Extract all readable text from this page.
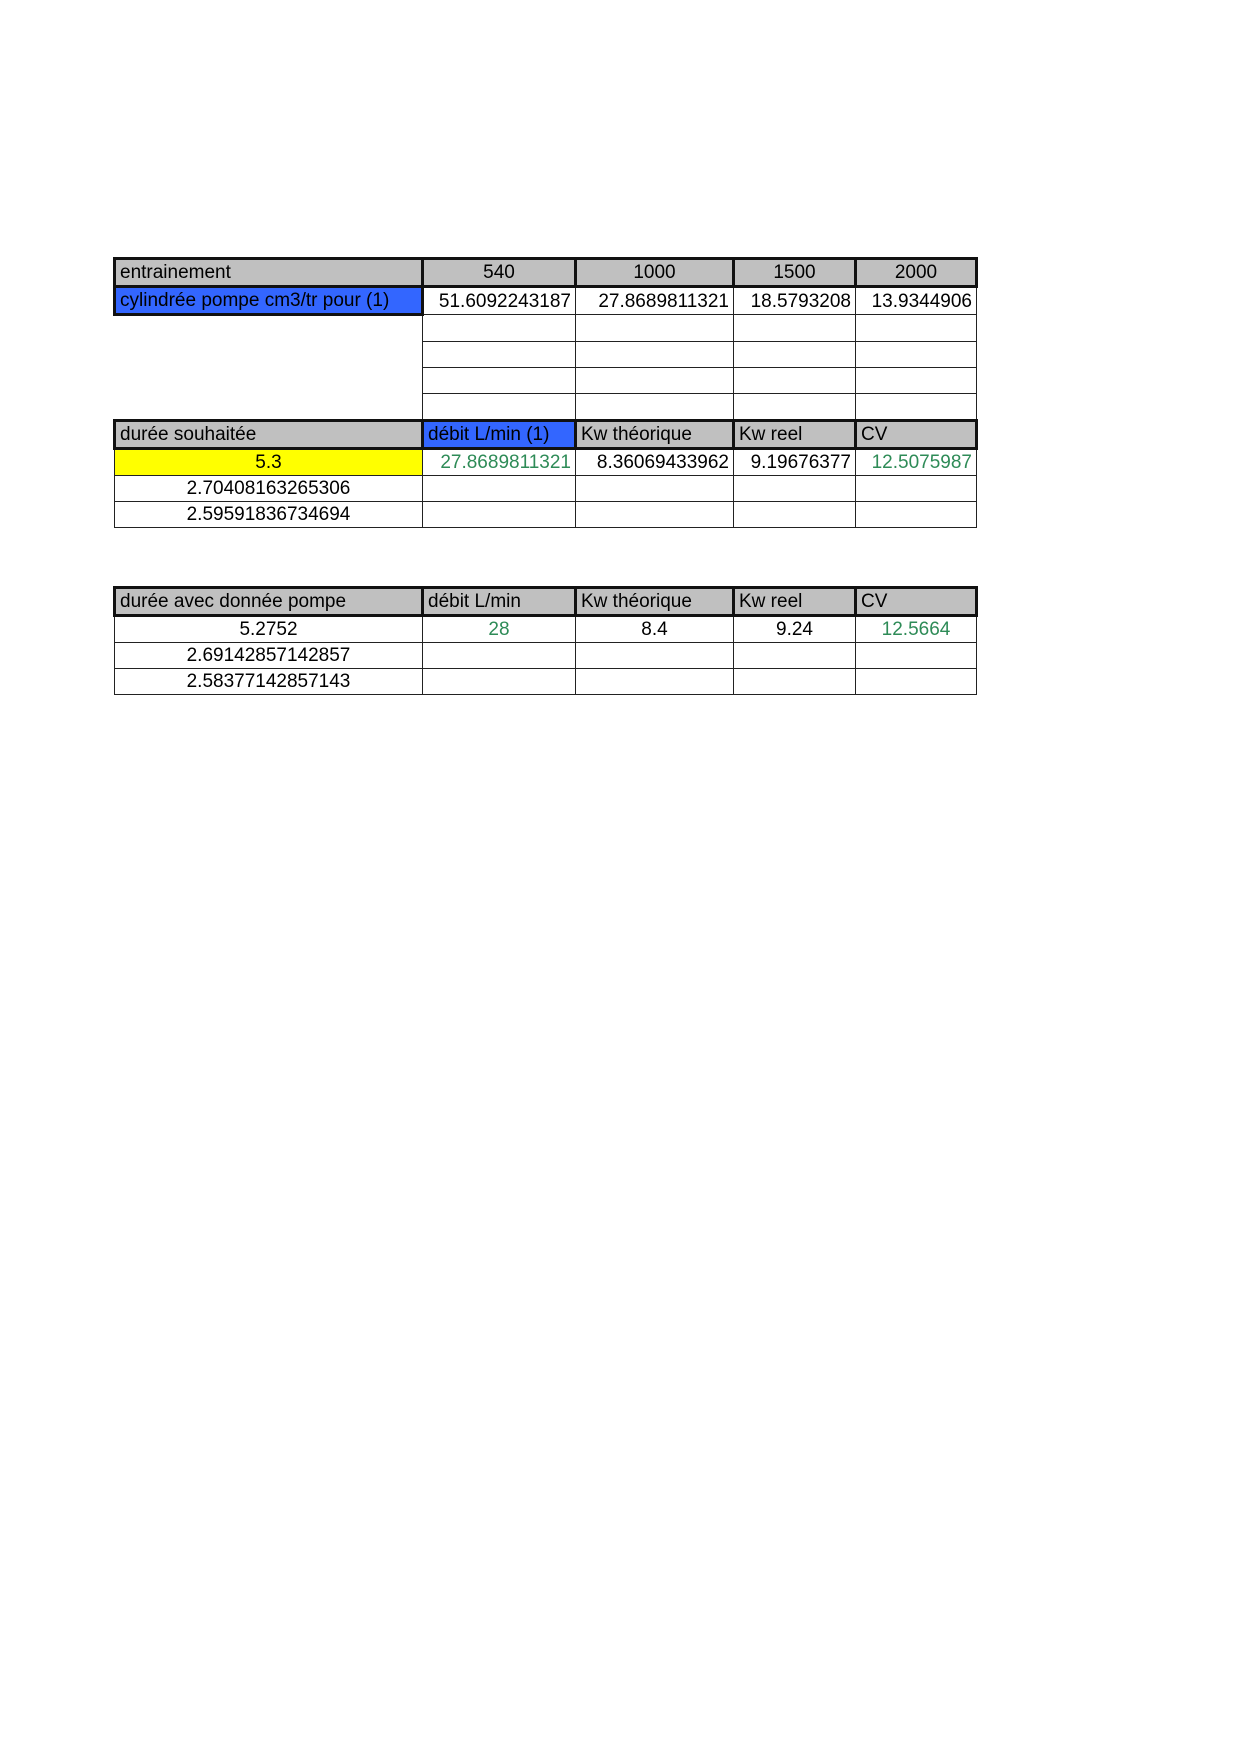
entrainement	540	1000	1500	2000
cylindrée pompe cm3/tr pour (1)	51.6092243187	27.8689811321	18.5793208	13.9344906

durée souhaitée	débit L/min (1)	Kw théorique	Kw reel	CV
5.3	27.8689811321	8.36069433962	9.19676377	12.5075987
2.70408163265306				
2.59591836734694				
durée avec donnée pompe	débit L/min	Kw théorique	Kw reel	CV
5.2752	28	8.4	9.24	12.5664
2.69142857142857				
2.58377142857143				
